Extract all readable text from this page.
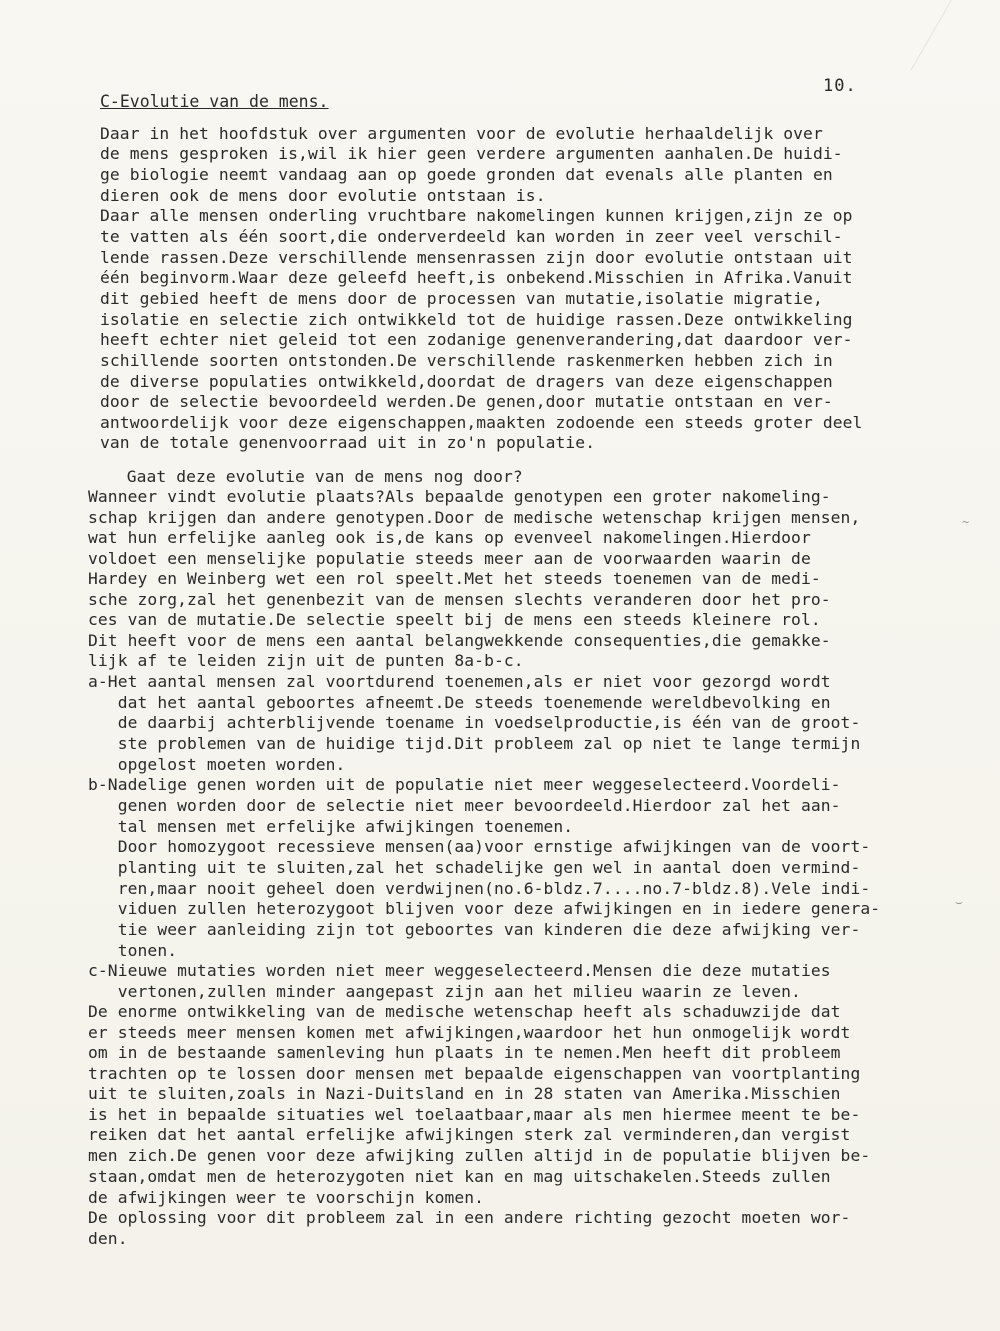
10.
C-Evolutie van de mens.
Daar in het hoofdstuk over argumenten voor de evolutie herhaaldelijk over
de mens gesproken is,wil ik hier geen verdere argumenten aanhalen.De huidi-
ge biologie neemt vandaag aan op goede gronden dat evenals alle planten en
dieren ook de mens door evolutie ontstaan is.
Daar alle mensen onderling vruchtbare nakomelingen kunnen krijgen,zijn ze op
te vatten als één soort,die onderverdeeld kan worden in zeer veel verschil-
lende rassen.Deze verschillende mensenrassen zijn door evolutie ontstaan uit
één beginvorm.Waar deze geleefd heeft,is onbekend.Misschien in Afrika.Vanuit
dit gebied heeft de mens door de processen van mutatie,isolatie migratie,
isolatie en selectie zich ontwikkeld tot de huidige rassen.Deze ontwikkeling
heeft echter niet geleid tot een zodanige genenverandering,dat daardoor ver-
schillende soorten ontstonden.De verschillende raskenmerken hebben zich in
de diverse populaties ontwikkeld,doordat de dragers van deze eigenschappen
door de selectie bevoordeeld werden.De genen,door mutatie ontstaan en ver-
antwoordelijk voor deze eigenschappen,maakten zodoende een steeds groter deel
van de totale genenvoorraad uit in zo'n populatie.
Gaat deze evolutie van de mens nog door?
Wanneer vindt evolutie plaats?Als bepaalde genotypen een groter nakomeling-
schap krijgen dan andere genotypen.Door de medische wetenschap krijgen mensen,
wat hun erfelijke aanleg ook is,de kans op evenveel nakomelingen.Hierdoor
voldoet een menselijke populatie steeds meer aan de voorwaarden waarin de
Hardey en Weinberg wet een rol speelt.Met het steeds toenemen van de medi-
sche zorg,zal het genenbezit van de mensen slechts veranderen door het pro-
ces van de mutatie.De selectie speelt bij de mens een steeds kleinere rol.
Dit heeft voor de mens een aantal belangwekkende consequenties,die gemakke-
lijk af te leiden zijn uit de punten 8a-b-c.
a-Het aantal mensen zal voortdurend toenemen,als er niet voor gezorgd wordt
dat het aantal geboortes afneemt.De steeds toenemende wereldbevolking en
de daarbij achterblijvende toename in voedselproductie,is één van de groot-
ste problemen van de huidige tijd.Dit probleem zal op niet te lange termijn
opgelost moeten worden.
b-Nadelige genen worden uit de populatie niet meer weggeselecteerd.Voordeli-
genen worden door de selectie niet meer bevoordeeld.Hierdoor zal het aan-
tal mensen met erfelijke afwijkingen toenemen.
Door homozygoot recessieve mensen(aa)voor ernstige afwijkingen van de voort-
planting uit te sluiten,zal het schadelijke gen wel in aantal doen vermind-
ren,maar nooit geheel doen verdwijnen(no.6-bldz.7....no.7-bldz.8).Vele indi-
viduen zullen heterozygoot blijven voor deze afwijkingen en in iedere genera-
tie weer aanleiding zijn tot geboortes van kinderen die deze afwijking ver-
tonen.
c-Nieuwe mutaties worden niet meer weggeselecteerd.Mensen die deze mutaties
vertonen,zullen minder aangepast zijn aan het milieu waarin ze leven.
De enorme ontwikkeling van de medische wetenschap heeft als schaduwzijde dat
er steeds meer mensen komen met afwijkingen,waardoor het hun onmogelijk wordt
om in de bestaande samenleving hun plaats in te nemen.Men heeft dit probleem
trachten op te lossen door mensen met bepaalde eigenschappen van voortplanting
uit te sluiten,zoals in Nazi-Duitsland en in 28 staten van Amerika.Misschien
is het in bepaalde situaties wel toelaatbaar,maar als men hiermee meent te be-
reiken dat het aantal erfelijke afwijkingen sterk zal verminderen,dan vergist
men zich.De genen voor deze afwijking zullen altijd in de populatie blijven be-
staan,omdat men de heterozygoten niet kan en mag uitschakelen.Steeds zullen
de afwijkingen weer te voorschijn komen.
De oplossing voor dit probleem zal in een andere richting gezocht moeten wor-
den.
~
⌣
